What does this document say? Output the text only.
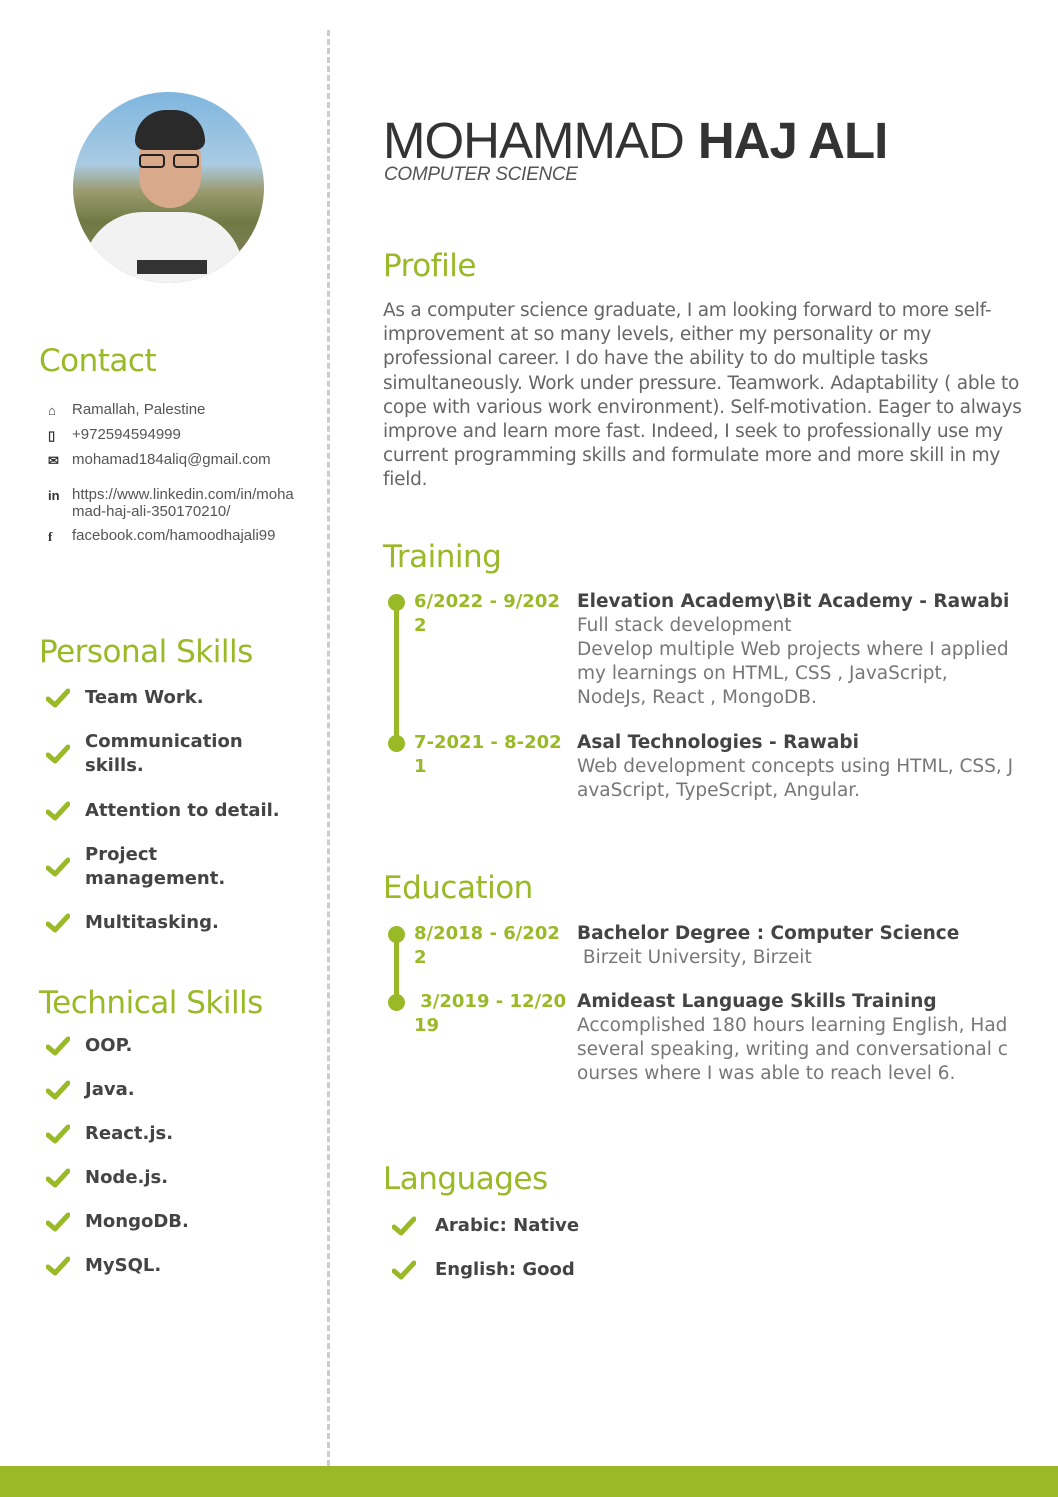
MOHAMMAD HAJ ALI
COMPUTER SCIENCE
Contact
⌂	Ramallah, Palestine
▯	+972594594999
✉ mohamad184aliq@gmail.com
in https://www.linkedin.com/in/mohamad-haj-ali-350170210/
f	facebook.com/hamoodhajali99
Personal Skills
Team Work.
Communication skills.
Attention to detail.
Project management.
Multitasking.
Technical Skills
OOP.
Java.
React.js.
Node.js.
MongoDB.
MySQL.
Profile

As a computer science graduate, I am looking forward to more self-improvement at so many levels, either my personality or my professional career. I do have the ability to do multiple tasks simultaneously. Work under pressure. Teamwork. Adaptability ( able to cope with various work environment). Self-motivation. Eager to always improve and learn more fast. Indeed, I seek to professionally use my current programming skills and formulate more and more skill in my field.

Training
6/2022 - 9/2022
Elevation Academy\Bit Academy - Rawabi
Full stack development
Develop multiple Web projects where I applied my learnings on HTML, CSS , JavaScript, NodeJs, React , MongoDB.
7-2021 - 8-2021
Asal Technologies - Rawabi
Web development concepts using HTML, CSS, JavaScript, TypeScript, Angular.
Education
8/2018 - 6/2022
Bachelor Degree : Computer Science
Birzeit University, Birzeit
3/2019 - 12/2019
Amideast Language Skills Training
Accomplished 180 hours learning English, Had several speaking, writing and conversational courses where I was able to reach level 6.
Languages
Arabic: Native
English: Good
